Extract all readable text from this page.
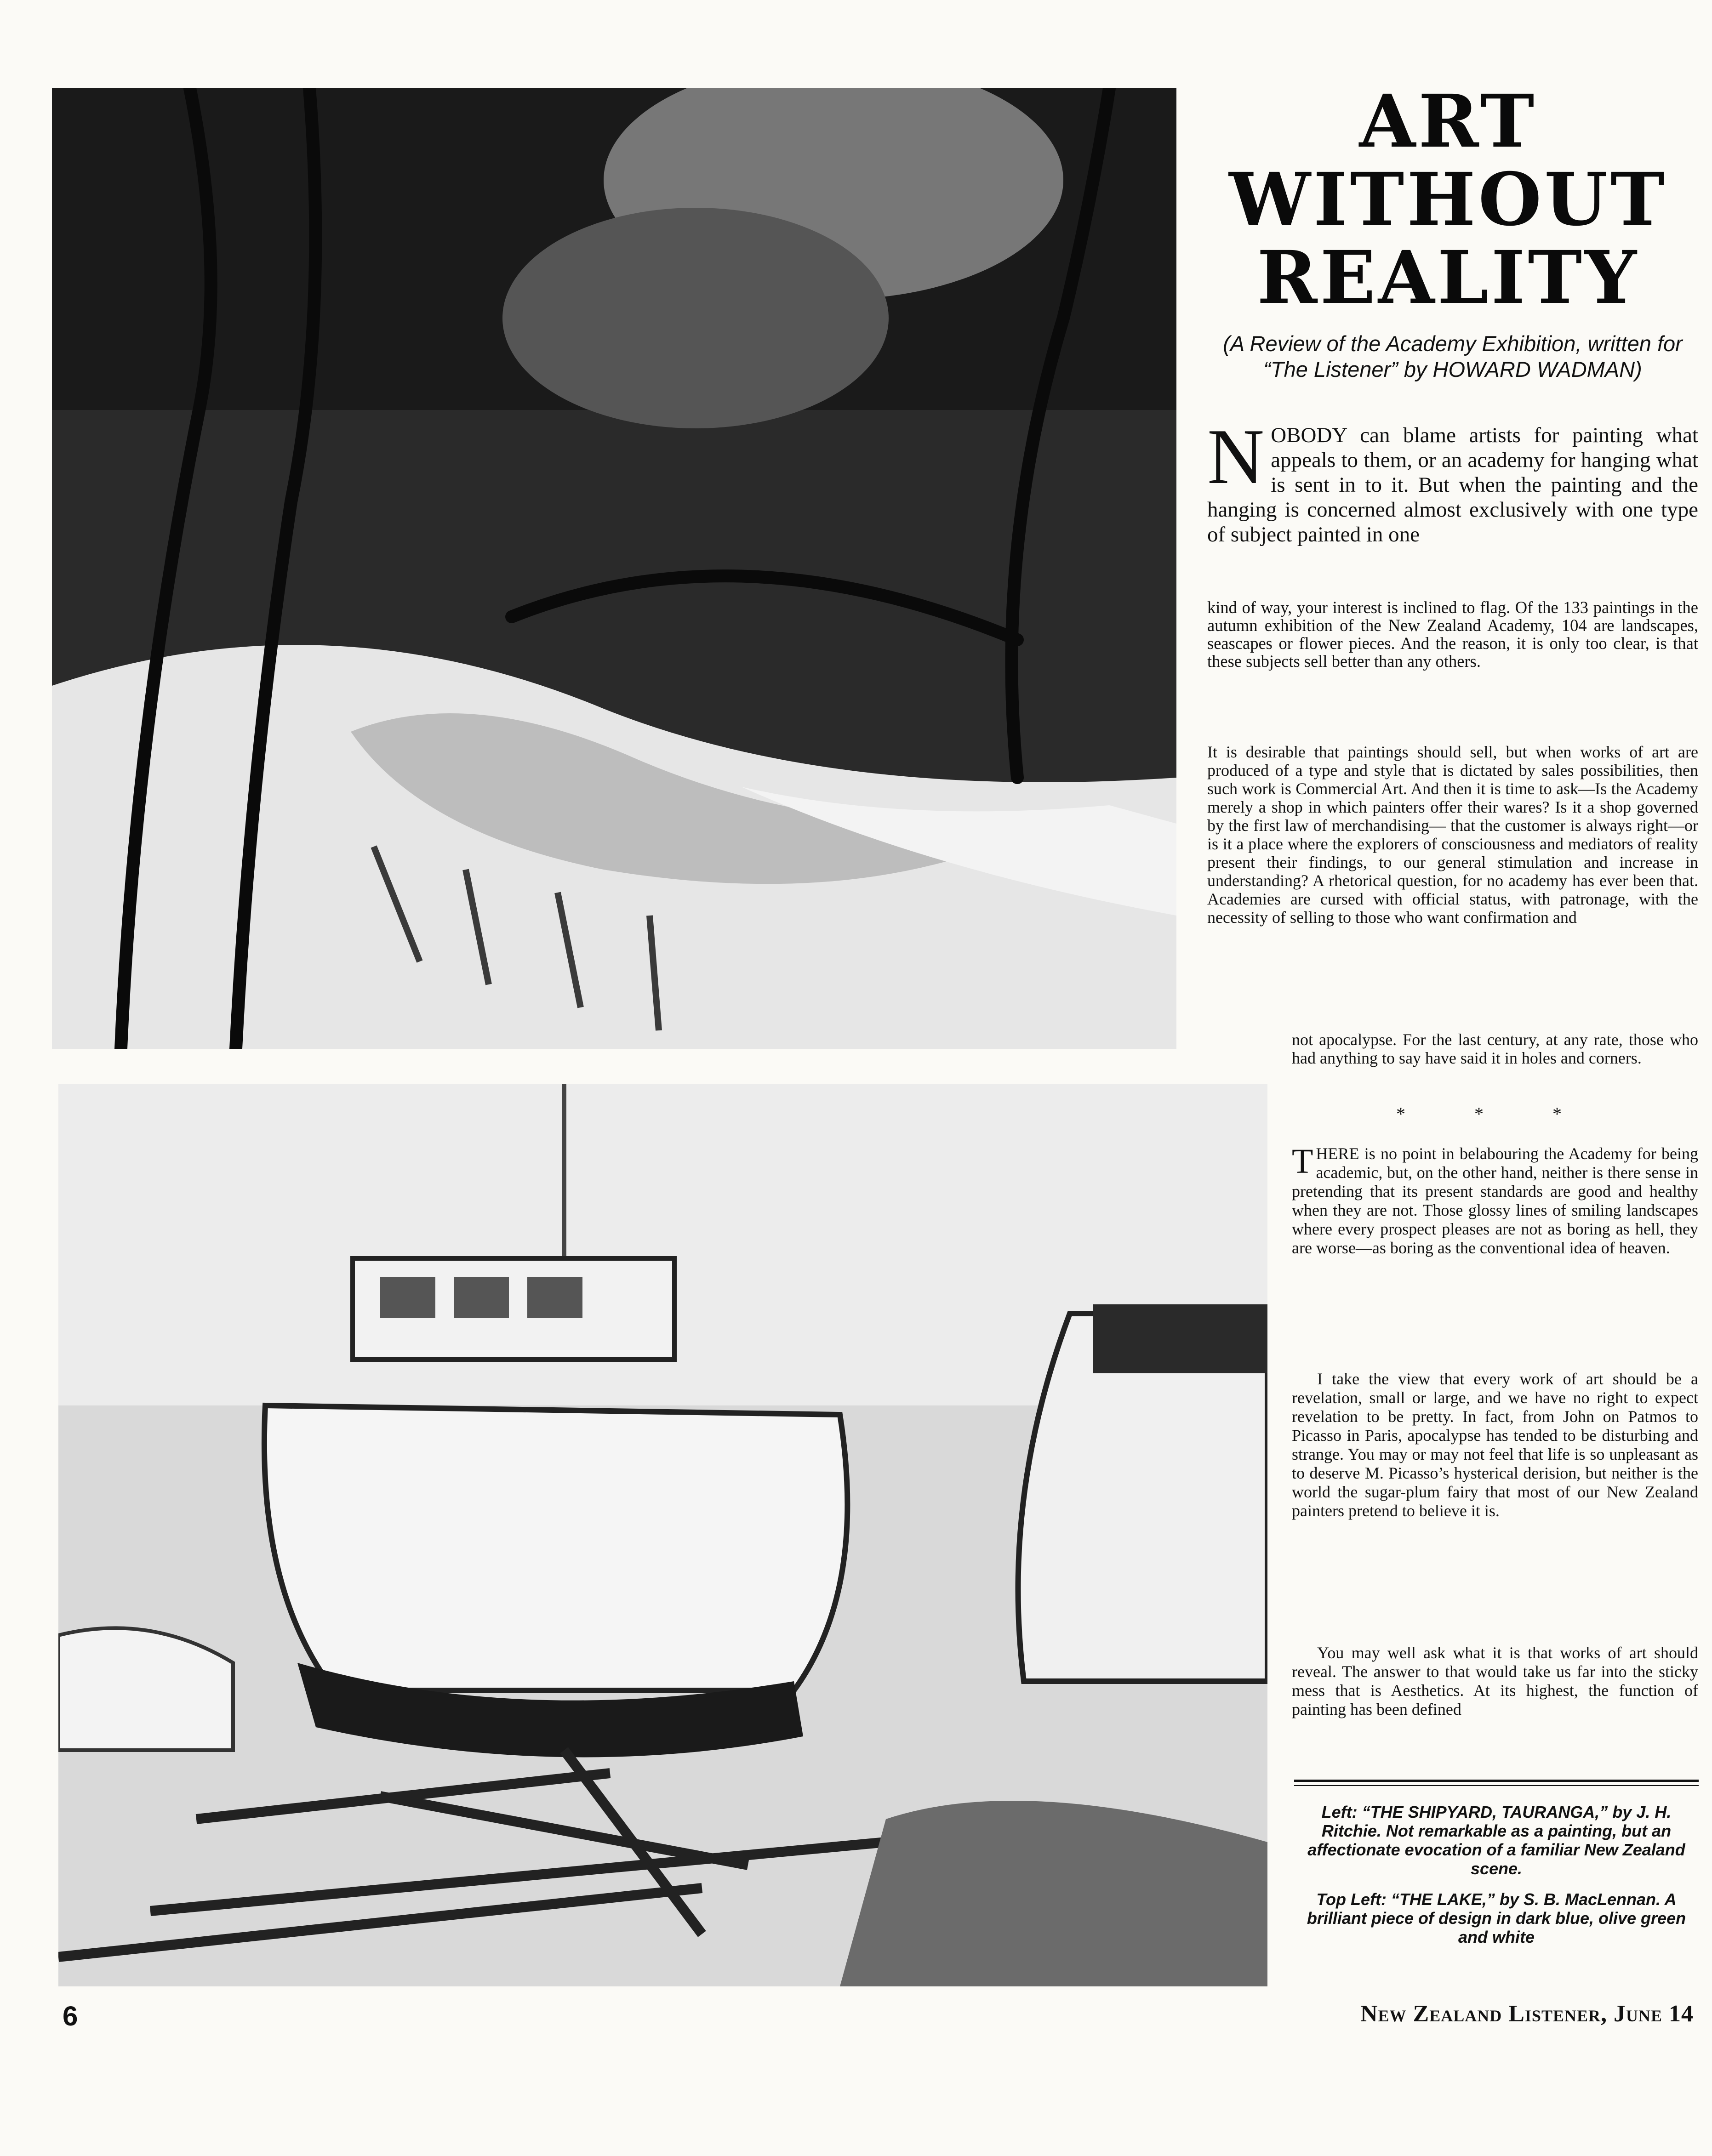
ART
WITHOUT
REALITY
(A Review of the Academy Exhibition, written for “The Listener” by HOWARD WADMAN)
N OBODY can blame artists for painting what appeals to them, or an academy for hanging what is sent in to it. But when the painting and the hanging is concerned almost exclusively with one type of subject painted in one
kind of way, your interest is inclined to flag. Of the 133 paintings in the autumn exhibition of the New Zealand Academy, 104 are landscapes, seascapes or flower pieces. And the reason, it is only too clear, is that these subjects sell better than any others.
It is desirable that paintings should sell, but when works of art are produced of a type and style that is dictated by sales possibilities, then such work is Commercial Art. And then it is time to ask—Is the Academy merely a shop in which painters offer their wares? Is it a shop governed by the first law of merchandising— that the customer is always right—or is it a place where the explorers of consciousness and mediators of reality present their findings, to our general stimulation and increase in understanding? A rhetorical question, for no academy has ever been that. Academies are cursed with official status, with patronage, with the necessity of selling to those who want confirmation and
not apocalypse. For the last century, at any rate, those who had anything to say have said it in holes and corners.
* * *
T HERE is no point in belabouring the Academy for being academic, but, on the other hand, neither is there sense in pretending that its present standards are good and healthy when they are not. Those glossy lines of smiling landscapes where every prospect pleases are not as boring as hell, they are worse—as boring as the conventional idea of heaven.
I take the view that every work of art should be a revelation, small or large, and we have no right to expect revelation to be pretty. In fact, from John on Patmos to Picasso in Paris, apocalypse has tended to be disturbing and strange. You may or may not feel that life is so unpleasant as to deserve M. Picasso’s hysterical derision, but neither is the world the sugar-plum fairy that most of our New Zealand painters pretend to believe it is.
You may well ask what it is that works of art should reveal. The answer to that would take us far into the sticky mess that is Aesthetics. At its highest, the function of painting has been defined
Left: “THE SHIPYARD, TAURANGA,” by J. H. Ritchie. Not remarkable as a painting, but an affectionate evocation of a familiar New Zealand scene.
Top Left: “THE LAKE,” by S. B. MacLennan. A brilliant piece of design in dark blue, olive green and white
6	New Zealand Listener, June 14
